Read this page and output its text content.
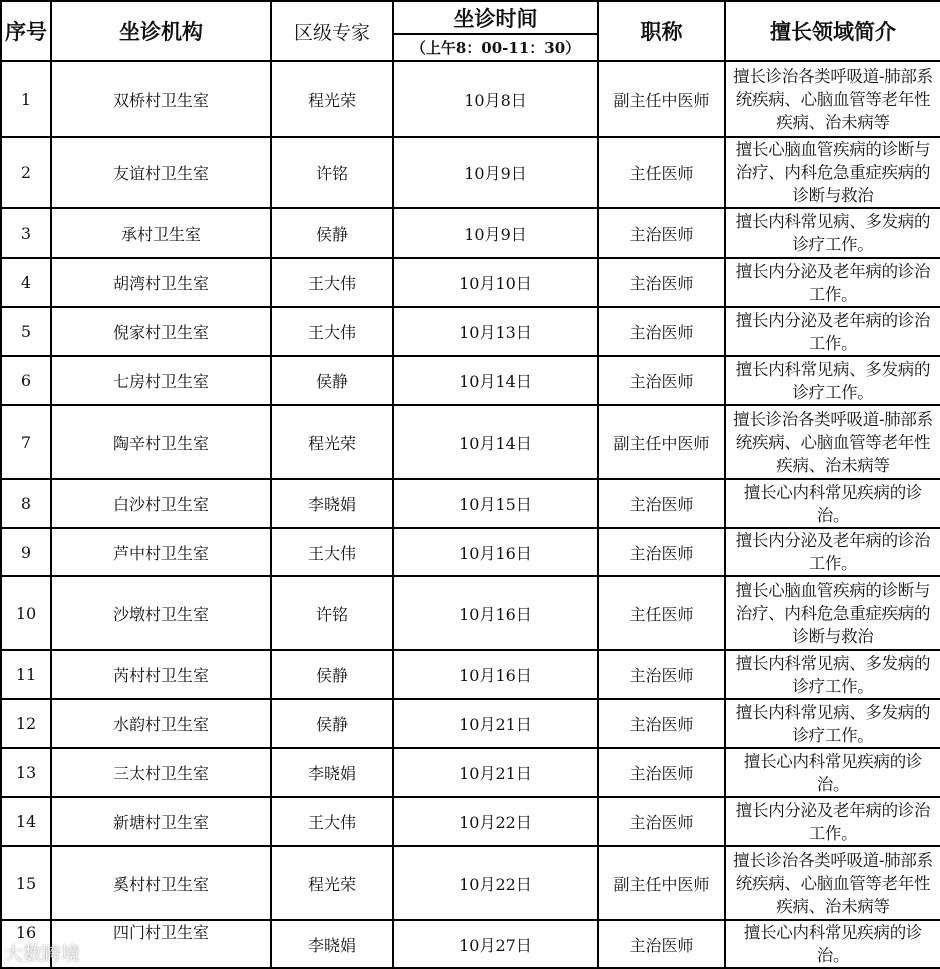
序号	坐诊机构	区级专家	坐诊时间	职称	擅长领域简介
			（上午8：00-11：30）		
1	双桥村卫生室	程光荣	10月8日	副主任中医师	擅长诊治各类呼吸道-肺部系统疾病、心脑血管等老年性疾病、治未病等
2	友谊村卫生室	许铭	10月9日	主任医师	擅长心脑血管疾病的诊断与治疗、内科危急重症疾病的诊断与救治
3	承村卫生室	侯静	10月9日	主治医师	擅长内科常见病、多发病的诊疗工作。
4	胡湾村卫生室	王大伟	10月10日	主治医师	擅长内分泌及老年病的诊治工作。
5	倪家村卫生室	王大伟	10月13日	主治医师	擅长内分泌及老年病的诊治工作。
6	七房村卫生室	侯静	10月14日	主治医师	擅长内科常见病、多发病的诊疗工作。
7	陶辛村卫生室	程光荣	10月14日	副主任中医师	擅长诊治各类呼吸道-肺部系统疾病、心脑血管等老年性疾病、治未病等
8	白沙村卫生室	李晓娟	10月15日	主治医师	擅长心内科常见疾病的诊治。
9	芦中村卫生室	王大伟	10月16日	主治医师	擅长内分泌及老年病的诊治工作。
10	沙墩村卫生室	许铭	10月16日	主任医师	擅长心脑血管疾病的诊断与治疗、内科危急重症疾病的诊断与救治
11	芮村村卫生室	侯静	10月16日	主治医师	擅长内科常见病、多发病的诊疗工作。
12	水韵村卫生室	侯静	10月21日	主治医师	擅长内科常见病、多发病的诊疗工作。
13	三太村卫生室	李晓娟	10月21日	主治医师	擅长心内科常见疾病的诊治。
14	新塘村卫生室	王大伟	10月22日	主治医师	擅长内分泌及老年病的诊治工作。
15	奚村村卫生室	程光荣	10月22日	副主任中医师	擅长诊治各类呼吸道-肺部系统疾病、心脑血管等老年性疾病、治未病等
16	四门村卫生室	李晓娟	10月27日	主治医师	擅长心内科常见疾病的诊治。
大数跨境
